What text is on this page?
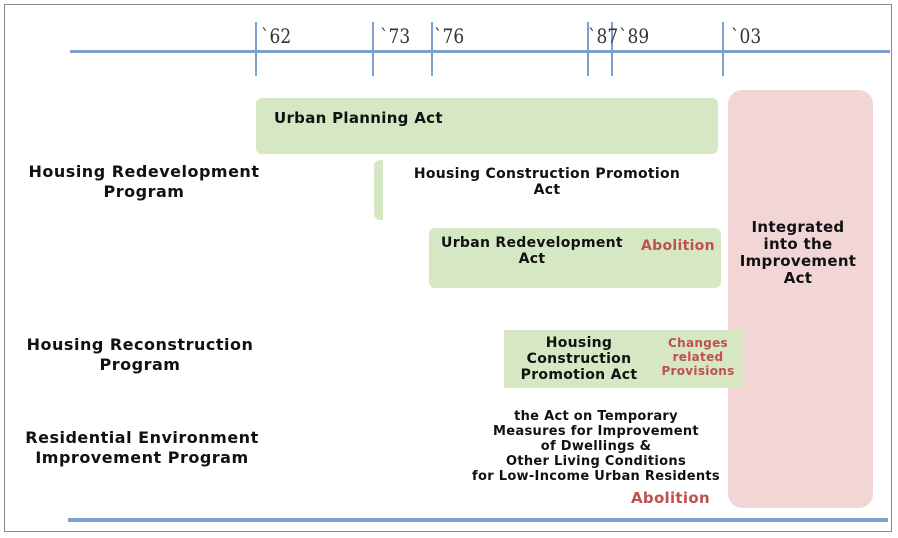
`62	`73 `76	`87 `89	`03
Integrated
into the
Improvement
Act
Urban Planning Act
Housing Construction Promotion
Act
Urban Redevelopment
Act
Abolition
Housing
Construction
Promotion Act
Changes
related
Provisions
the Act on Temporary
Measures for Improvement
of Dwellings &
Other Living Conditions
for Low-Income Urban Residents
Abolition
Housing Redevelopment
Program
Housing Reconstruction
Program
Residential Environment
Improvement Program
